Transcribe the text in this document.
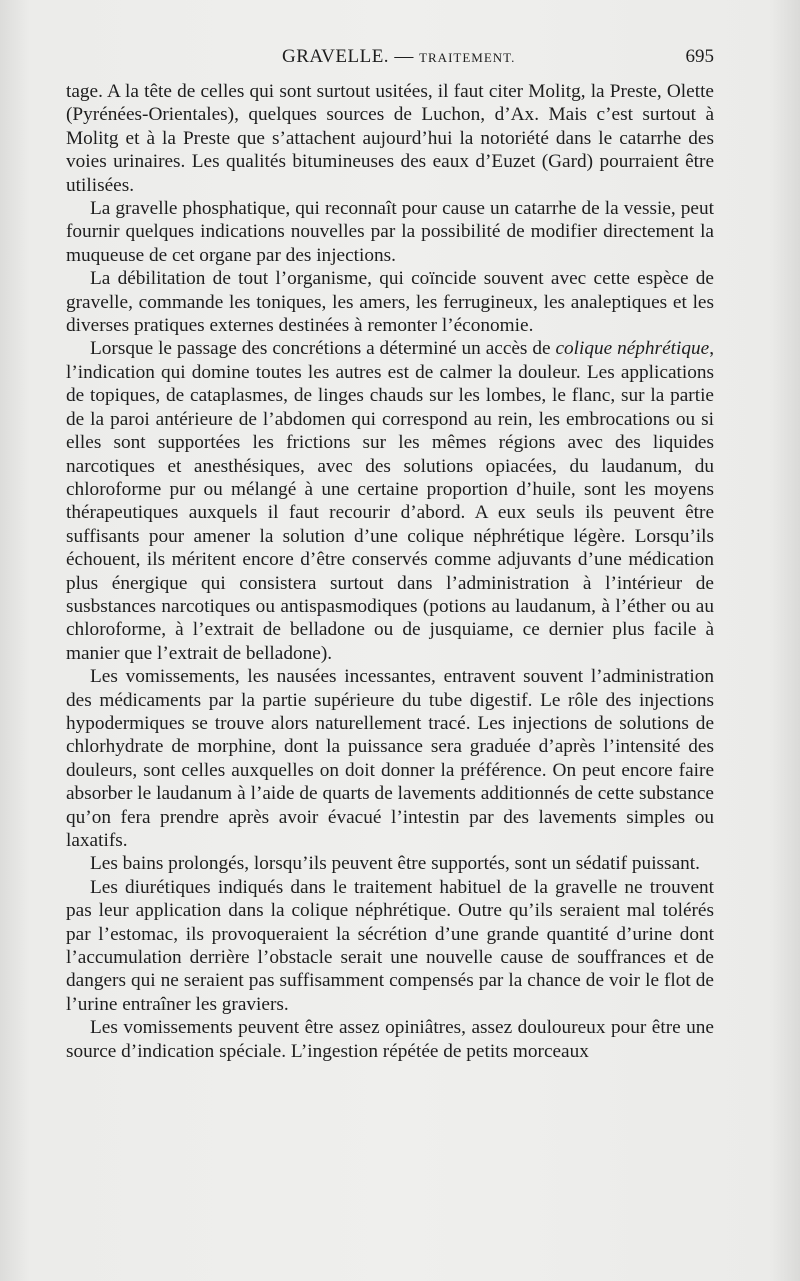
GRAVELLE. — TRAITEMENT.	695

tage. A la tête de celles qui sont surtout usitées, il faut citer Molitg, la Preste, Olette (Pyrénées-Orientales), quelques sources de Luchon, d’Ax. Mais c’est surtout à Molitg et à la Preste que s’attachent aujourd’hui la notoriété dans le catarrhe des voies urinaires. Les qualités bitumineuses des eaux d’Euzet (Gard) pourraient être utilisées.

La gravelle phosphatique, qui reconnaît pour cause un catarrhe de la vessie, peut fournir quelques indications nouvelles par la possibilité de modifier directement la muqueuse de cet organe par des injections.

La débilitation de tout l’organisme, qui coïncide souvent avec cette espèce de gravelle, commande les toniques, les amers, les ferrugineux, les analeptiques et les diverses pratiques externes destinées à remonter l’économie.

Lorsque le passage des concrétions a déterminé un accès de colique néphrétique, l’indication qui domine toutes les autres est de calmer la douleur. Les applications de topiques, de cataplasmes, de linges chauds sur les lombes, le flanc, sur la partie de la paroi antérieure de l’abdomen qui correspond au rein, les embrocations ou si elles sont supportées les frictions sur les mêmes régions avec des liquides narcotiques et anesthésiques, avec des solutions opiacées, du laudanum, du chloroforme pur ou mélangé à une certaine proportion d’huile, sont les moyens thérapeutiques auxquels il faut recourir d’abord. A eux seuls ils peuvent être suffisants pour amener la solution d’une colique néphrétique légère. Lorsqu’ils échouent, ils méritent encore d’être conservés comme adjuvants d’une médication plus énergique qui consistera surtout dans l’administration à l’intérieur de susbstances narcotiques ou antispasmodiques (potions au laudanum, à l’éther ou au chloroforme, à l’extrait de belladone ou de jusquiame, ce dernier plus facile à manier que l’extrait de belladone).

Les vomissements, les nausées incessantes, entravent souvent l’administration des médicaments par la partie supérieure du tube digestif. Le rôle des injections hypodermiques se trouve alors naturellement tracé. Les injections de solutions de chlorhydrate de morphine, dont la puissance sera graduée d’après l’intensité des douleurs, sont celles auxquelles on doit donner la préférence. On peut encore faire absorber le laudanum à l’aide de quarts de lavements additionnés de cette substance qu’on fera prendre après avoir évacué l’intestin par des lavements simples ou laxatifs.

Les bains prolongés, lorsqu’ils peuvent être supportés, sont un sédatif puissant.

Les diurétiques indiqués dans le traitement habituel de la gravelle ne trouvent pas leur application dans la colique néphrétique. Outre qu’ils seraient mal tolérés par l’estomac, ils provoqueraient la sécrétion d’une grande quantité d’urine dont l’accumulation derrière l’obstacle serait une nouvelle cause de souffrances et de dangers qui ne seraient pas suffisamment compensés par la chance de voir le flot de l’urine entraîner les graviers.

Les vomissements peuvent être assez opiniâtres, assez douloureux pour être une source d’indication spéciale. L’ingestion répétée de petits morceaux
